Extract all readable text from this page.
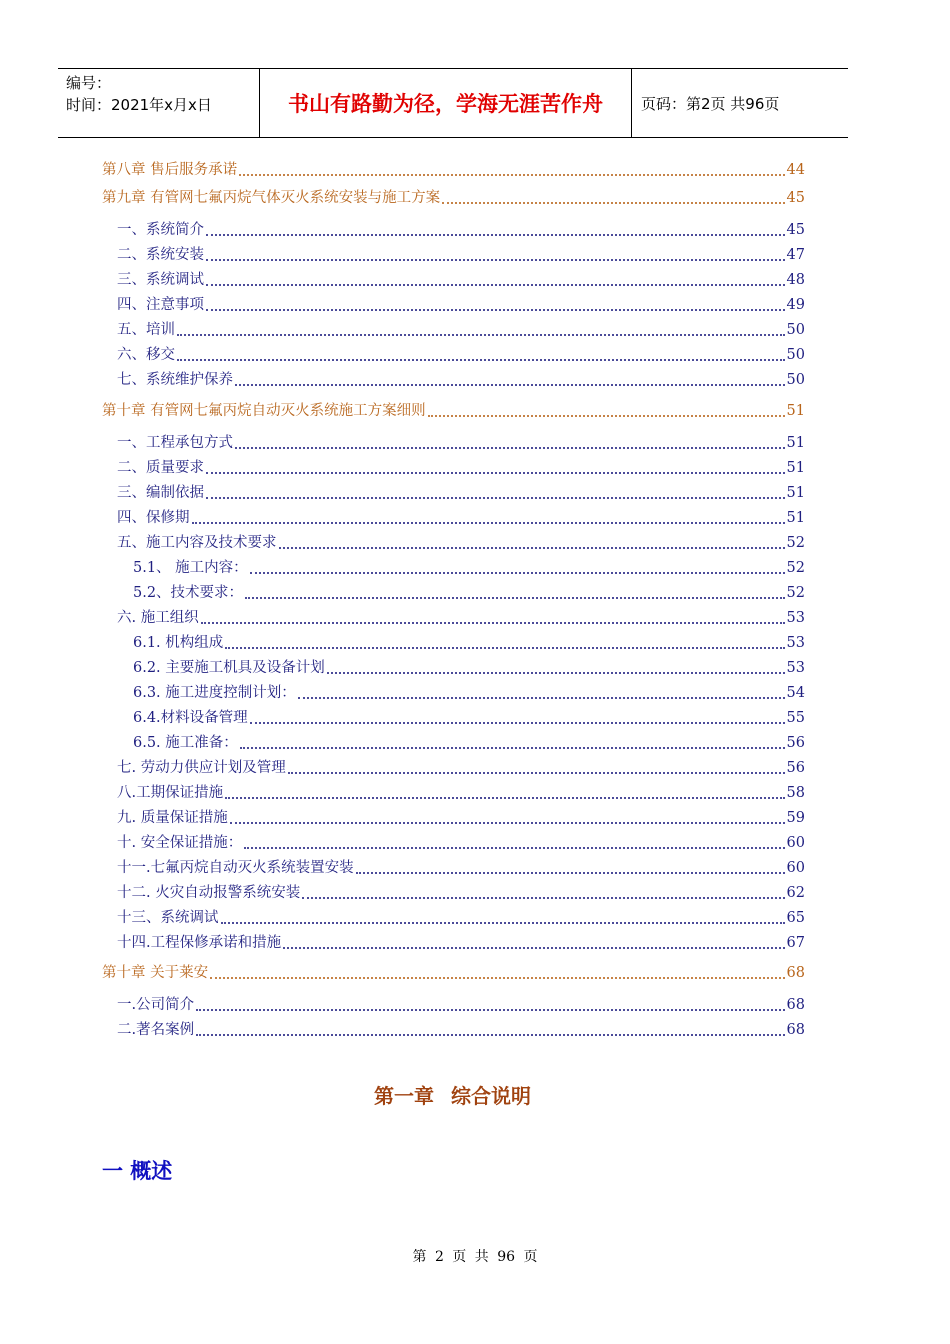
编号：
时间：2021年x月x日	书山有路勤为径，学海无涯苦作舟	页码：第2页 共96页
第八章 售后服务承诺	44
第九章 有管网七氟丙烷气体灭火系统安装与施工方案	45
一、系统简介	45
二、系统安装	47
三、系统调试	48
四、注意事项	49
五、培训	50
六、移交	50
七、系统维护保养	50
第十章 有管网七氟丙烷自动灭火系统施工方案细则	51
一、工程承包方式	51
二、质量要求	51
三、编制依据	51
四、保修期	51
五、施工内容及技术要求	52
5.1、 施工内容：	52
5.2、技术要求：	52
六. 施工组织	53
6.1. 机构组成	53
6.2. 主要施工机具及设备计划	53
6.3. 施工进度控制计划：	54
6.4.材料设备管理	55
6.5. 施工准备：	56
七. 劳动力供应计划及管理	56
八.工期保证措施	58
九. 质量保证措施	59
十. 安全保证措施：	60
十一.七氟丙烷自动灭火系统装置安装	60
十二. 火灾自动报警系统安装	62
十三、系统调试	65
十四.工程保修承诺和措施	67
第十章 关于莱安	68
一.公司简介	68
二.著名案例	68
第一章 综合说明
一 概述
第 2 页 共 96 页
